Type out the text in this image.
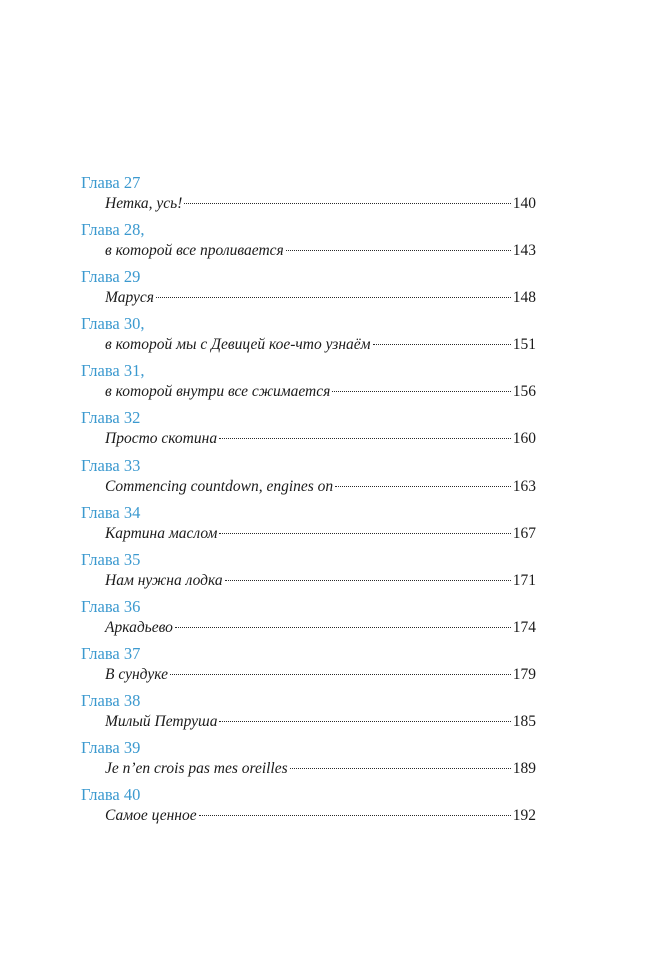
Глава 27
Нетка, усь!	140
Глава 28,
в которой все проливается	143
Глава 29
Маруся	148
Глава 30,
в которой мы с Девицей кое-что узнаём	151
Глава 31,
в которой внутри все сжимается	156
Глава 32
Просто скотина	160
Глава 33
Commencing countdown, engines on	163
Глава 34
Картина маслом	167
Глава 35
Нам нужна лодка	171
Глава 36
Аркадьево	174
Глава 37
В сундуке	179
Глава 38
Милый Петруша	185
Глава 39
Je n’en crois pas mes oreilles	189
Глава 40
Самое ценное	192
